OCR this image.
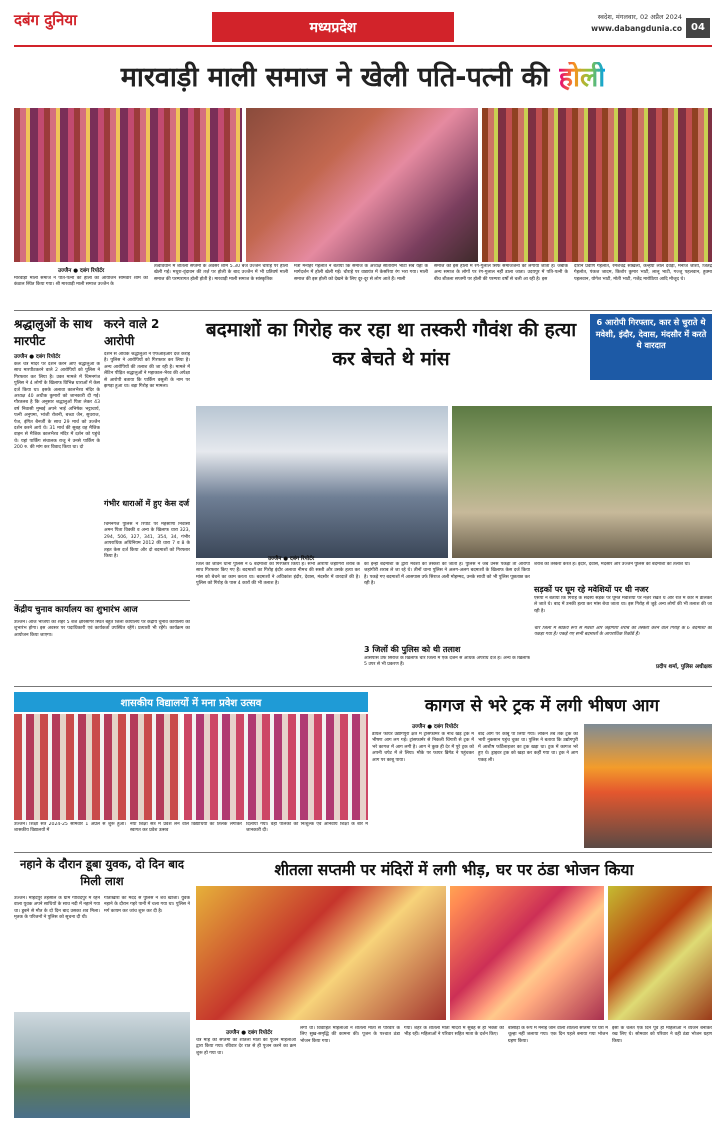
दबंग दुनिया	मध्यप्रदेश
स्वदेश, मंगलवार, 02 अप्रैल 2024
www.dabangdunia.co 04
मारवाड़ी माली समाज ने खेली पति-पत्नी की होली
उज्जैन ● दबंग रिपोर्टर
मारवाड़ी माली समाज ने पति-पत्नी की होली का आयोजन सोमवार शाम को कंठाल स्थित किया गया। श्री मारवाड़ी माली समाज उज्जैन के
तत्वावधान में शीतला सप्तमी के अवसर शाम 5.30 बजे उज्जैन चौराहे पर होली खेली गई। मथुरा-वृंदावन की तर्ज़ पर होली के बाद उज्जैन में भी प्रतिवर्ष माली समाज की परम्परागत होली होती है। मारवाड़ी माली समाज के सांस्कृतिक
मंत्री मनोहर गेहलोत ने बताया कि समाज के अध्यक्ष सीताराम भाटी सब यहाँ के मार्गदर्शन में होली खेली गई। चौराहे पर वाद्ययंत्र में केसरिया रंग भरा गया। माली समाज की इस होली को देखने के लिए दूर-दूर से लोग आते हैं। माली
समाज की इस होली में रंग-गुलाल सिर्फ समाजजनों को लगाया जाता है। जबकि अन्य समाज के लोगों पर रंग-गुलाल नहीं डाला जाता। उदयपुर में पति-पत्नी के बीच शीतला सप्तमी पर होली की परम्परा वर्षों से चली आ रही है। इस
दौरान प्रवीण गेहलोत, रमेशचंद्र सांखला, कन्हैया लाल देवड़ा, मनोज जोशी, जितेंद्र गेहलोत, पंकज जादम, किशोर कुमार भाटी, लालू भाटी, गज्जू पहलवान, हुक्मा पहलवान, योगेश भाटी, मोती भाटी, गजेंद्र मारोठिया आदि मौजूद थे।
श्रद्धालुओं के साथ मारपीट
करने वाले 2 आरोपी
उज्जैन ● दबंग रिपोर्टर
कल चैत्र मंदिर पर दर्शन करने आए श्रद्धालुओं के साथ मारपीटकरने वाले 2 आरोपियों को पुलिस ने गिरफ्तार कर लिया है। उक्त मामले में चिमनगंज पुलिस ने 4 लोगों के खिलाफ विभिन्न धाराओं में केस दर्ज किया था। इसके अलावा कालभैरव मंदिर के अध्यक्ष 40 अधीक कुमारों को जानकारी दी गई। गौरतलब है कि अनुसार श्रद्धालुओं पिता लेकर 43 वर्ष निवासी मुम्बई अपने भाई अभिषेक भट्टाचार्य, पत्नी अनुपमा, भांजी रोशनी, बच्चा जैन, सुधराज, पेज, इंगित बैनर्जी के साथ 29 मार्च को उज्जैन दर्शन करने आये थे। 31 मार्च की सुबह वह मैजिक वाहन से मैजिक कालभैरव मंदिर में दर्शन को पहुंचे थे। यहां पार्किंग संचालक राजू ने उनसे पार्किंग के 200 रु. की मांग कर विवाद किया था। दो
दर्शन से अधिक श्रद्धालुओं ने एफआईआर दर्ज कराई है। पुलिस ने आरोपियों को गिरफ्तार कर लिया है। अन्य आरोपियों की तलाश की जा रही है। मामले में लैटिन पीड़ित श्रद्धालुओं ने महाकाल-भैरव की अपेक्षा से आरोपी बताया कि पार्किंग वसूली के नाम पर झगड़ा हुआ था। बड़ा गिरोह का मामला।
गंभीर धाराओं में हुए केस दर्ज
चिमनगंज पुलिस ने रिपोर्ट पर मेहसाणा निवासी अमन पिता विक्की व अन्य के खिलाफ धारा 323, 294, 506, 327, 341, 354, 34, गंभीर आपराधिक अधिनियम 2012 की धारा 7 व 8 के तहत केस दर्ज किया और दो बदमाशों को गिरफ्तार किया है।
केंद्रीय चुनाव कार्यालय का शुभारंभ आज
उज्जैन। आज भाजपा का शहर 5 बजे क्षीरसागर स्थित बहुत जिला कार्यालय पर केंद्रीय चुनाव कार्यालय का शुभारंभ होगा। इस अवसर पर पदाधिकारी एवं कार्यकर्ता उपस्थित रहेंगे। प्रत्याशी भी रहेंगे। कार्यक्रम का आयोजन किया जाएगा।
बदमाशों का गिरोह कर रहा था तस्करी गौवंश की हत्या कर बेचते थे मांस
6 आरोपी गिरफ्तार, कार से चुराते थे मवेशी, इंदौर, देवास, मंदसौर में करते थे वारदात
उज्जैन ● दबंग रिपोर्टर
जिले की जीवन थाना पुलिस ने 6 बदमाशों को गिरफ्तार किया है। सभी आरोपी जहांगिरी शराब के साथ गिरफ्तार किए गए हैं। बदमाशों का गिरोह इंदौर अलावा नीमच की सस्ती और उसके हत्या कर मांस को बेचने का काम करता था। बदमाशों ने अधिकांश इंदौर, देवास, मंदसौर में वारदातें की है। पुलिस को गिरोह के पास 4 कारों की भी तलाश है।
को इन्हीं बदमाशों के द्वारा मवेशी की तस्करी की जाती है। पुलिस ने जब उनसे पकड़ा तो आरोपी जहांगीरी शराब ले जा रहे थे। तीनों थाना पुलिस ने अलग-अलग बदमाशों के खिलाफ केस दर्ज किया है। पकड़े गए बदमाशों में आसपास उर्फ सिराज अली मोहम्मद, उनके साथी को भी पुलिस पूछताछ कर रही है।
3 जिलों की पुलिस को थी तलाश
आसपास उर्फ सिराज के खिलाफ चार जिलों में एक दर्जन से अधिक अपराध दर्ज हैं। अन्य के खिलाफ 5 उपर से भी प्रकरण हैं।
शराब की तस्करी करते हैं। इंदौर, देवास, मंदसौर और उज्जैन पुलिस को बदमाशों की तलाश थी।
सड़कों पर घूम रहे मवेशियों पर थी नजर
एसपी ने बताया कि गिरोह के सदस्य सड़क पर घूमते मवेशियों पर नज़र रखते थे और रात में कार में डालकर ले जाते थे। बाद में उनकी हत्या कर मांस बेचा जाता था। इस गिरोह से जुड़े अन्य लोगों की भी तलाश की जा रही है।
चार जिलों में सक्रिय रूप से मवेशी और जहांगीरी शराब की तस्करी करने वाले गिरोह के 6 बदमाशों को पकड़ा गया है। पकड़े गए सभी बदमाशों के आपराधिक रिकॉर्ड हैं।
प्रदीप शर्मा, पुलिस अधीक्षक
शासकीय विद्यालयों में मना प्रवेश उत्सव
उज्जैन। शिक्षा सत्र 2024-25 सोमवार 1 अप्रैल से शुरू हुआ। शासकीय विद्यालयों में
नया शिक्षा सत्र में प्रवेश लेने वाले विद्यार्थियों का तिलक लगाकर स्वागत कर प्रवेश उत्सव
दिलाया गया। वहीं पालकों को निःशुल्क एवं अनिवार्य शिक्षा के बारे में जानकारी दी।
कागज से भरे ट्रक में लगी भीषण आग
उज्जैन ● दबंग रिपोर्टर
डायल फायर उद्योगपुरी क्षेत्र में ट्रांसफार्मर के नीचे खड़े ट्रक में भीषण आग लग गई। ट्रांसफार्मर से निकली चिंगारी से ट्रक में भरे कागज में आग लगी है। आग ने कुछ ही देर में पूरे ट्रक को अपनी चपेट में ले लिया। मौके पर फायर ब्रिगेड ने पहुंचकर आग पर काबू पाया।
बाद आग पर काबू पा लिया गया। लेकिन तब तक ट्रक का भारी नुकसान पहुंच चुका था। पुलिस ने बताया कि उद्योगपुरी में आशीष फर्टिलाइजर का ट्रक खड़ा था। ट्रक में कागज भरे हुए थे। ड्राइवर ट्रक को खड़ा कर कहीं गया था। ट्रक ने आग पकड़ ली।
नहाने के दौरान डूबा युवक, दो दिन बाद मिली लाश
उज्जैन। महिदपुर तहसील के ग्राम गोविंदपुर में रहने वाला युवक अपने साथियों के साथ नदी में नहाने गया था। डूबने से मौत के दो दिन बाद उसका शव मिला। मृतक के परिजनों ने पुलिस को सूचना दी थी।
गोताखोरों की मदद से पुलिस ने शव खोजा। युवक नहाने के दौरान गहरे पानी में चला गया था। पुलिस ने मर्ग कायम कर जांच शुरू कर दी है।
शीतला सप्तमी पर मंदिरों में लगी भीड़, घर पर ठंडा भोजन किया
उज्जैन ● दबंग रिपोर्टर
चैत्र माह की सप्तमी को शीतला माता का पूजन महिलाओं द्वारा किया गया। रविवार देर रात से ही पूजन करने का क्रम शुरू हो गया था।
लगी थीं। विवाहित महिलाओं ने शीतला माता से परिवार के लिए सुख-समृद्धि की कामना की। पूजन के पश्चात ठंडा भोजन किया गया।
गया। शहर के शीतला माता मंदिरों में सुबह से ही भक्तों की भीड़ रही। महिलाओं ने परिवार सहित माता के दर्शन किए।
बासोड़ा के रूप में मनाई जाने वाली शीतला सप्तमी पर घरों में चूल्हा नहीं जलाया गया। एक दिन पहले बनाया गया भोजन ग्रहण किया।
इसी के चलते एक दिन पूर्व ही महिलाओं ने व्यंजन बनाकर रख लिए थे। सोमवार को परिवार ने वही ठंडा भोजन ग्रहण किया।
